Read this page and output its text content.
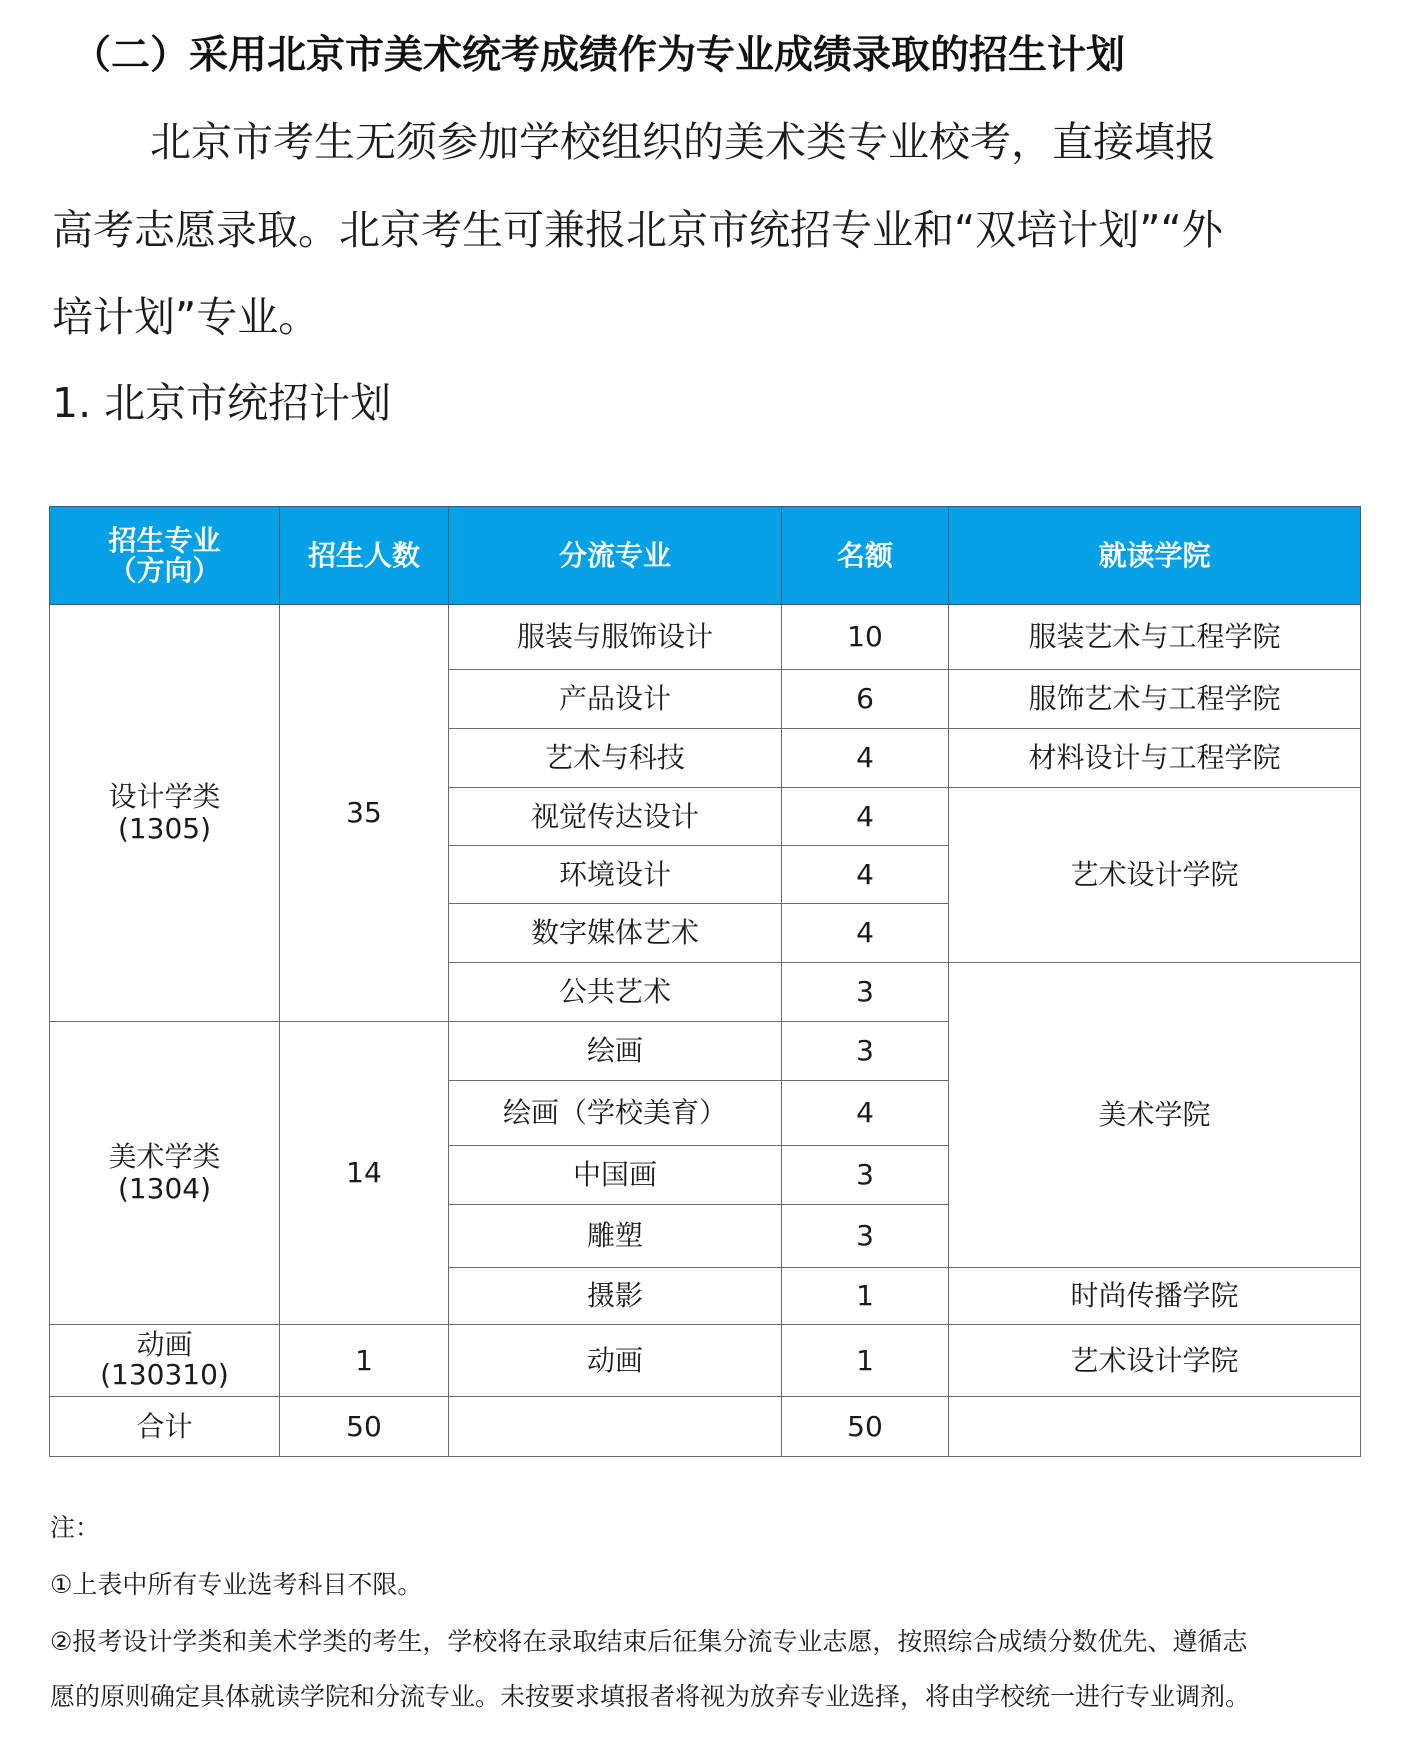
（二）采用北京市美术统考成绩作为专业成绩录取的招生计划
北京市考生无须参加学校组织的美术类专业校考，直接填报
高考志愿录取。北京考生可兼报北京市统招专业和“双培计划”“外
培计划”专业。
1. 北京市统招计划
招生专业
（方向）	招生人数	分流专业	名额	就读学院

设计学类
(1305)	35	服装与服饰设计	10	服装艺术与工程学院
		产品设计	6	服饰艺术与工程学院
		艺术与科技	4	材料设计与工程学院
		视觉传达设计	4	艺术设计学院
		环境设计	4	
		数字媒体艺术	4	
		公共艺术	3	美术学院

美术学类
(1304)	14	绘画	3	
		绘画（学校美育）	4	
		中国画	3	
		雕塑	3	
		摄影	1	时尚传播学院

动画
(130310)	1	动画	1	艺术设计学院
合计	50		50	
注：
①上表中所有专业选考科目不限。
②报考设计学类和美术学类的考生，学校将在录取结束后征集分流专业志愿，按照综合成绩分数优先、遵循志
愿的原则确定具体就读学院和分流专业。未按要求填报者将视为放弃专业选择，将由学校统一进行专业调剂。
